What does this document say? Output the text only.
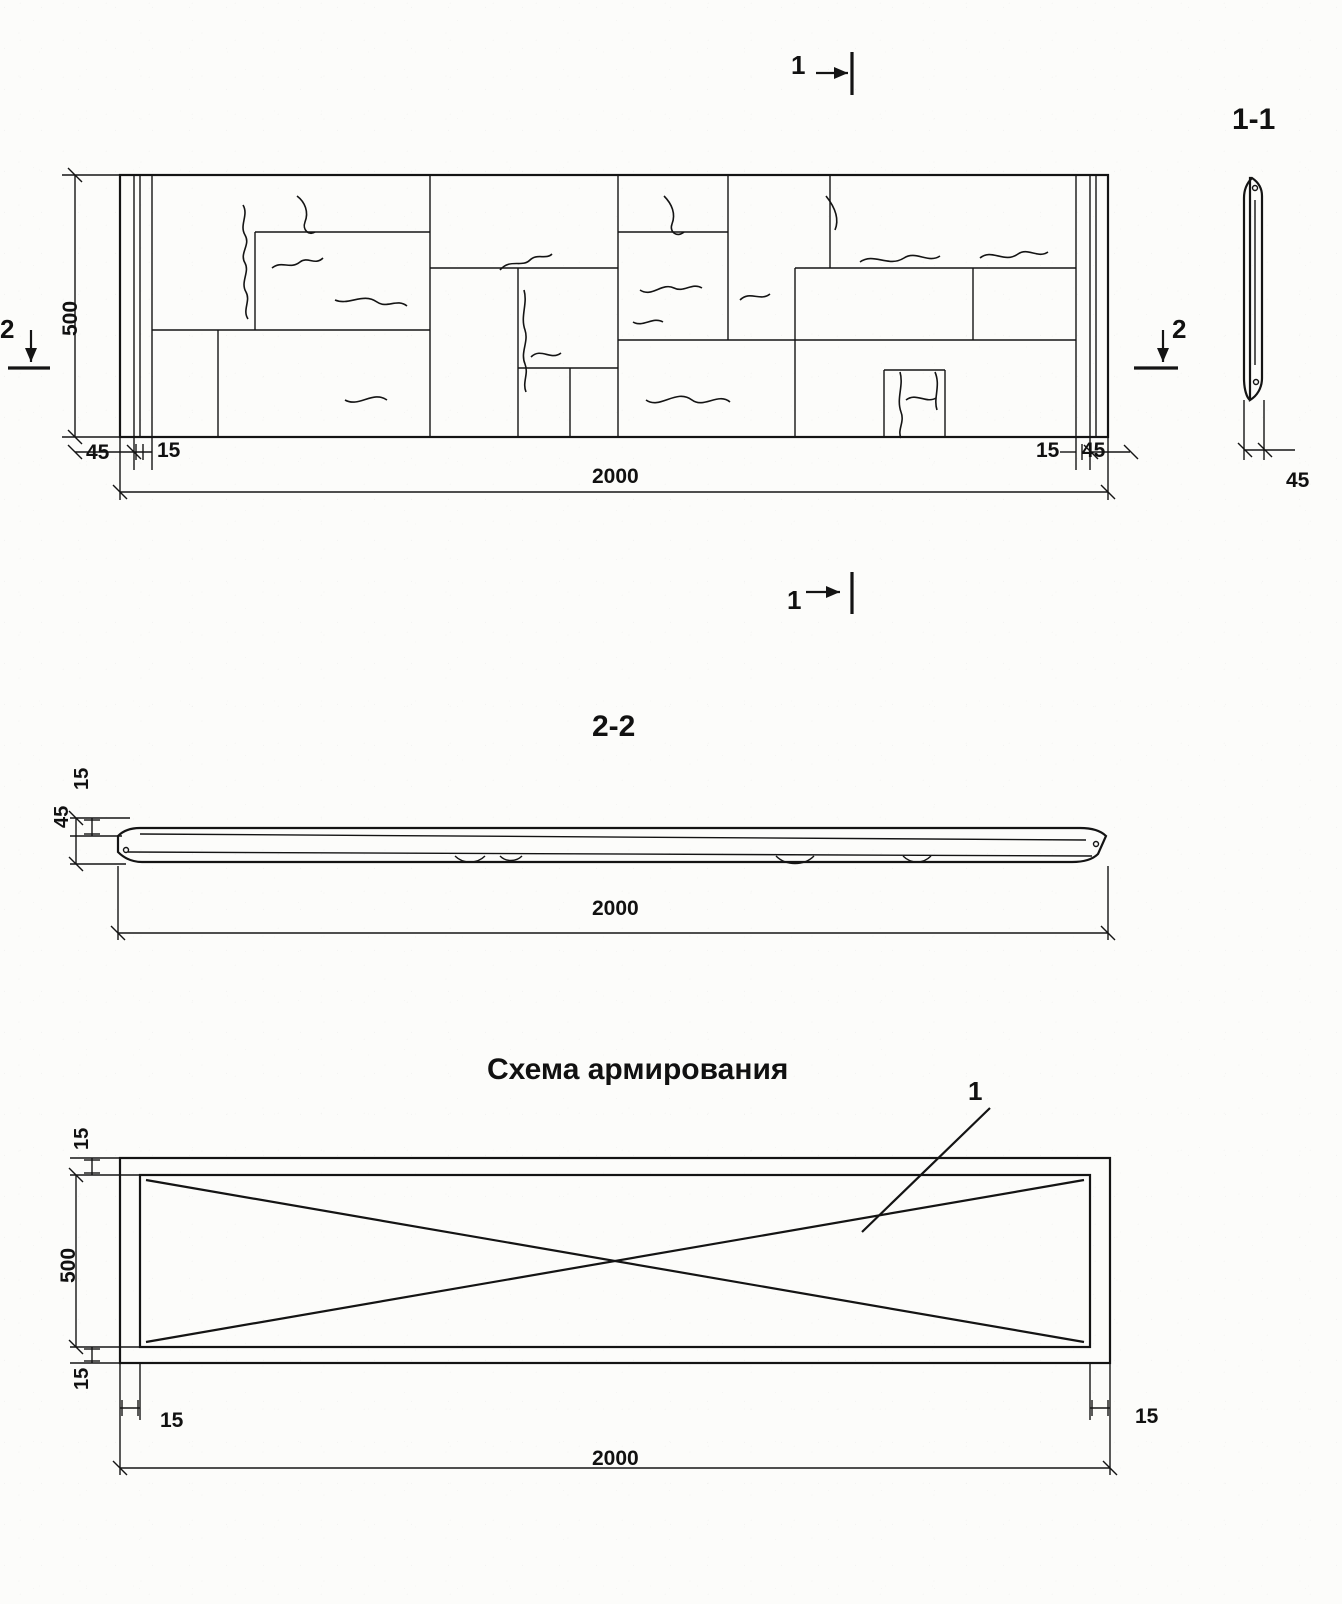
500
45 15	15 45
2000
1
1
2	2
1-1
45
2-2
15
45
2000
Схема армирования
1
15
500
15
15	15
2000
